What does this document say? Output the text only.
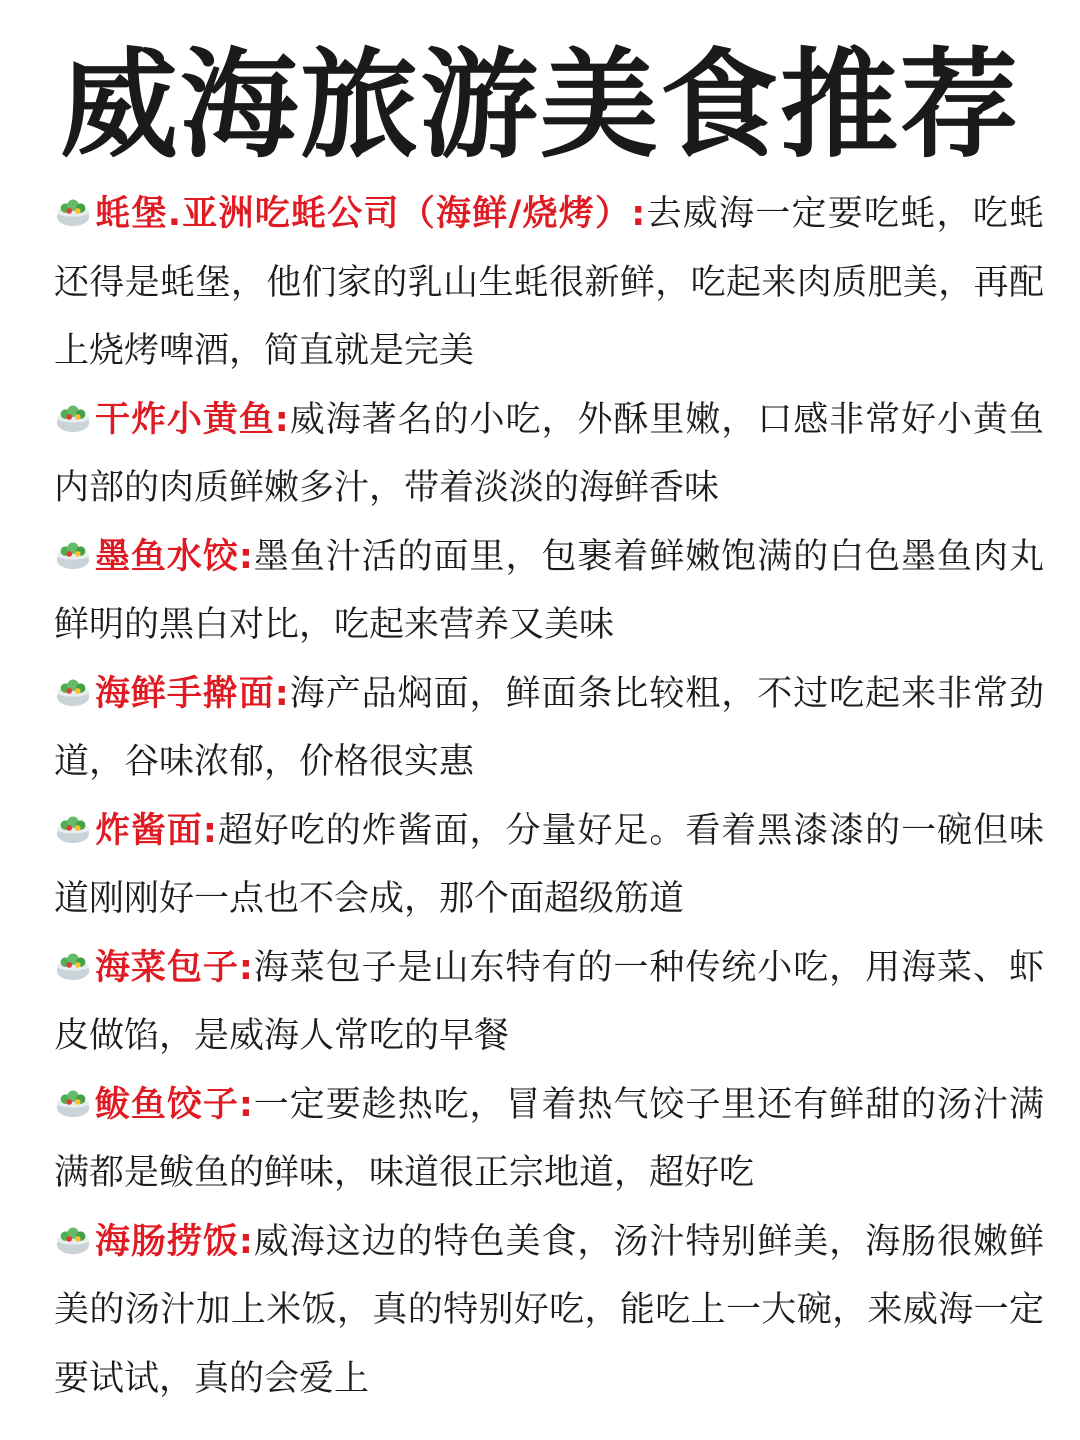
威海旅游美食推荐

蚝堡.亚洲吃蚝公司（海鲜/烧烤）:去威海一定要吃蚝，吃蚝还得是蚝堡，他们家的乳山生蚝很新鲜，吃起来肉质肥美，再配上烧烤啤酒，简直就是完美

干炸小黄鱼:威海著名的小吃，外酥里嫩，口感非常好小黄鱼内部的肉质鲜嫩多汁，带着淡淡的海鲜香味

墨鱼水饺:墨鱼汁活的面里，包裹着鲜嫩饱满的白色墨鱼肉丸鲜明的黑白对比，吃起来营养又美味

海鲜手擀面:海产品焖面，鲜面条比较粗，不过吃起来非常劲道，谷味浓郁，价格很实惠

炸酱面:超好吃的炸酱面，分量好足。看着黑漆漆的一碗但味道刚刚好一点也不会成，那个面超级筋道

海菜包子:海菜包子是山东特有的一种传统小吃，用海菜、虾皮做馅，是威海人常吃的早餐

鲅鱼饺子:一定要趁热吃，冒着热气饺子里还有鲜甜的汤汁满满都是鲅鱼的鲜味，味道很正宗地道，超好吃

海肠捞饭:威海这边的特色美食，汤汁特别鲜美，海肠很嫩鲜美的汤汁加上米饭，真的特别好吃，能吃上一大碗，来威海一定要试试，真的会爱上
